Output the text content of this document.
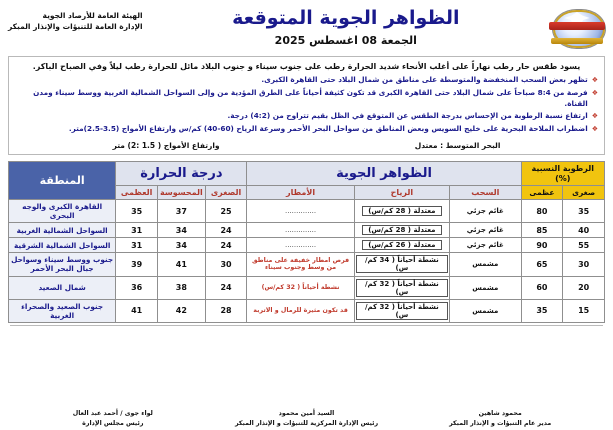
الهيئة العامة للأرصاد الجوية
الإدارة العامة للتنبؤات والإنذار المبكر	الظواهر الجوية المتوقعة
الجمعة 08 اغسطس 2025
يسود طقس حار رطب نهاراً على أغلب الأنحاء شديد الحرارة رطب على جنوب سيناء و جنوب البلاد مائل للحرارة رطب ليلاً وفي الصباح الباكر.
❖
تظهر بعض السحب المنخفضة والمتوسطة على مناطق من شمال البلاد حتى القاهرة الكبرى.
❖
فرصة من 8:4 صباحاً على شمال البلاد حتى القاهرة الكبرى قد تكون كثيفة أحياناً على الطرق المؤدية من وإلى السواحل الشمالية الغربية ووسط سيناء ومدن القناة.
❖
ارتفاع نسبة الرطوبة من الإحساس بدرجة الطقس عن المتوقع في الظل بقيم تتراوح من (4:2) درجة.
❖
اضطراب الملاحة البحرية على خليج السويس وبعض المناطق من سواحل البحر الأحمر وسرعة الرياح (60-40) كم/س وارتفاع الأمواج (3.5-2.5)متر.
البحر المتوسط : معتدل
وارتفاع الأمواج ( 1.5 :2) متر
الرطوبة النسبية (%)		الظواهر الجوية			درجة الحرارة			المنطقة
صغرى	عظمى	السحب	الرياح	الأمطار	الصغرى	المحسوسة	العظمى	
35	80	غائم جزئي	معتدلة ( 28 كم/س)	..............	25	37	35	القاهرة الكبرى والوجه البحرى
40	85	غائم جزئي	معتدلة ( 28 كم/س)	..............	24	34	31	السواحل الشمالية الغربية
55	90	غائم جزئي	معتدلة ( 26 كم/س)	..............	24	34	31	السواحل الشمالية الشرقية
30	65	مشمس	نشطة أحياناً ( 34 كم/س)	فرص امطار خفيفة على مناطق من وسط وجنوب سيناء	30	41	39	جنوب ووسط سيناء وسواحل جبال البحر الأحمر
20	60	مشمس	نشطة أحياناً ( 32 كم/س)	نشطة أحياناً ( 32 كم/س)	24	38	36	شمال الصعيد
15	35	مشمس	نشطة أحياناً ( 32 كم/س)	قد تكون مثيرة للرمال و الاتربة	28	42	41	جنوب الصعيد والصحراء الغربية
لواء جوى / أحمد عبد العال
رئيس مجلس الإدارة
السيد أمين محمود
رئيس الإدارة المركزية للتنبؤات و الإنذار المبكر
محمود شاهين
مدير عام التنبؤات و الإنذار المبكر
